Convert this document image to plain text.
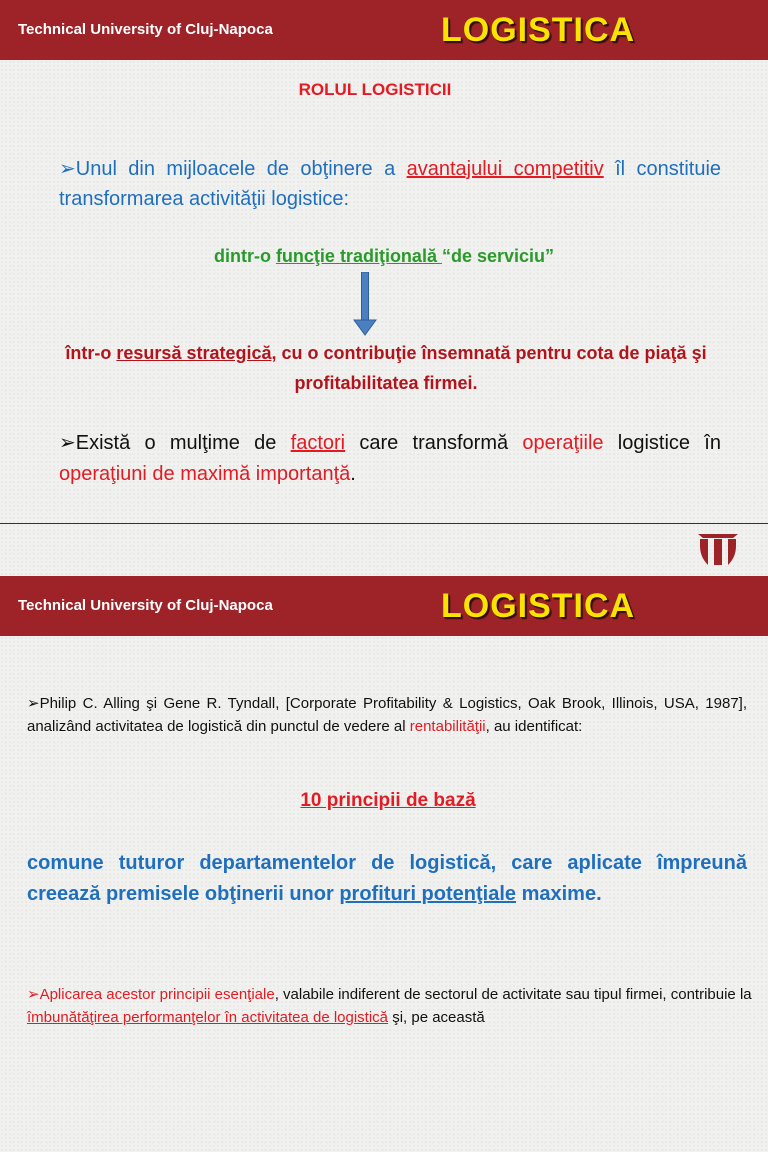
Technical University of Cluj-Napoca	LOGISTICA

ROLUL LOGISTICII

➢Unul din mijloacele de obţinere a avantajului competitiv îl constituie transformarea activităţii logistice:

dintr-o funcţie tradiţională “de serviciu”

într-o resursă strategică, cu o contribuţie însemnată pentru cota de piaţă şi profitabilitatea firmei.

➢Există o mulţime de factori care transformă operaţiile logistice în operaţiuni de maximă importanţă.

Technical University of Cluj-Napoca	LOGISTICA

➢Philip C. Alling şi Gene R. Tyndall, [Corporate Profitability & Logistics, Oak Brook, Illinois, USA, 1987], analizând activitatea de logistică din punctul de vedere al rentabilităţii, au identificat:

10 principii de bază

comune tuturor departamentelor de logistică, care aplicate împreună creează premisele obţinerii unor profituri potenţiale maxime.

➢Aplicarea acestor principii esenţiale, valabile indiferent de sectorul de activitate sau tipul firmei, contribuie la îmbunătăţirea performanţelor în activitatea de logistică şi, pe această
